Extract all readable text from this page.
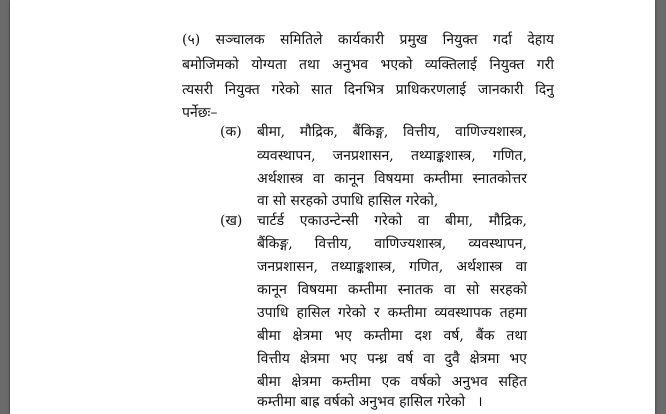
(५) सञ्चालक समितिले कार्यकारी प्रमुख नियुक्त गर्दा देहाय
बमोजिमको योग्यता तथा अनुभव भएको व्यक्तिलाई नियुक्त गरी
त्यसरी नियुक्त गरेको सात दिनभित्र प्राधिकरणलाई जानकारी दिनु
पर्नेछः–
(क) बीमा, मौद्रिक, बैंकिङ्ग, वित्तीय, वाणिज्यशास्त्र,
व्यवस्थापन, जनप्रशासन, तथ्याङ्कशास्त्र, गणित,
अर्थशास्त्र वा कानून विषयमा कम्तीमा स्नातकोत्तर
वा सो सरहको उपाधि हासिल गरेको,
(ख) चार्टर्ड एकाउन्टेन्सी गरेको वा बीमा, मौद्रिक,
बैंकिङ्ग, वित्तीय, वाणिज्यशास्त्र, व्यवस्थापन,
जनप्रशासन, तथ्याङ्कशास्त्र, गणित, अर्थशास्त्र वा
कानून विषयमा कम्तीमा स्नातक वा सो सरहको
उपाधि हासिल गरेको र कम्तीमा व्यवस्थापक तहमा
बीमा क्षेत्रमा भए कम्तीमा दश वर्ष, बैंक तथा
वित्तीय क्षेत्रमा भए पन्ध्र वर्ष वा दुवै क्षेत्रमा भए
बीमा क्षेत्रमा कम्तीमा एक वर्षको अनुभव सहित
कम्तीमा बाह्र वर्षको अनुभव हासिल गरेको ।
